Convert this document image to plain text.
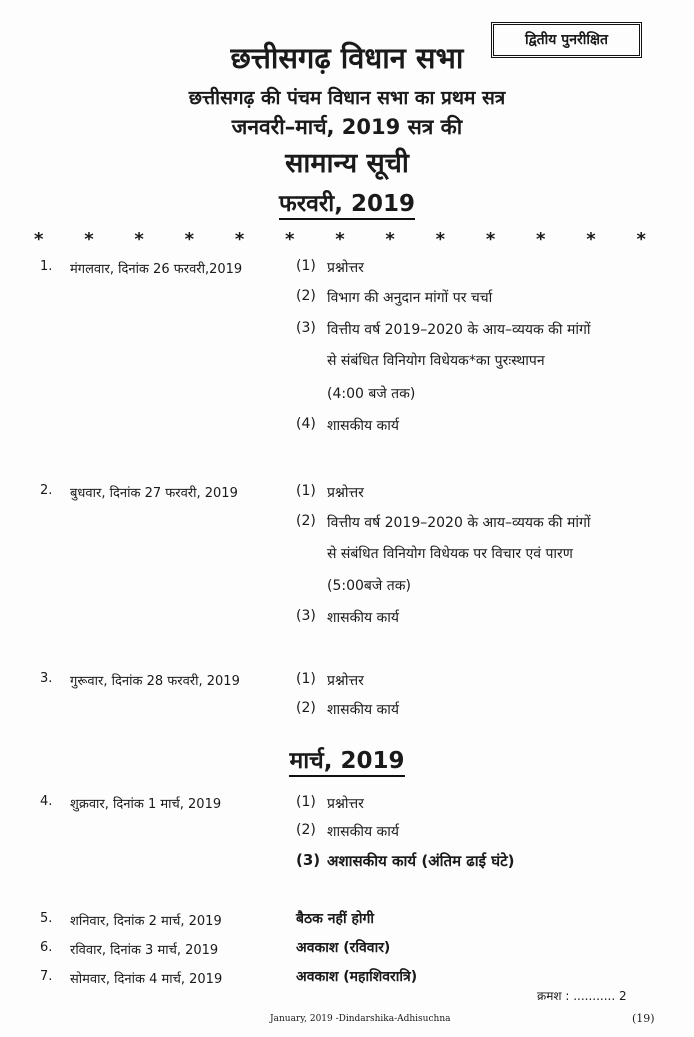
द्वितीय पुनरीक्षित
छत्तीसगढ़ विधान सभा
छत्तीसगढ़ की पंचम विधान सभा का प्रथम सत्र
जनवरी–मार्च, 2019 सत्र की
सामान्य सूची
फरवरी, 2019
* * * * * * * * * * * * *
1. मंगलवार, दिनांक 26 फरवरी,2019	(1) प्रश्नोत्तर
(2) विभाग की अनुदान मांगों पर चर्चा
(3) वित्तीय वर्ष 2019–2020 के आय–व्ययक की मांगों
से संबंधित विनियोग विधेयक*का पुरःस्थापन
(4:00 बजे तक)
(4) शासकीय कार्य
2. बुधवार, दिनांक 27 फरवरी, 2019	(1) प्रश्नोत्तर
(2) वित्तीय वर्ष 2019–2020 के आय–व्ययक की मांगों
से संबंधित विनियोग विधेयक पर विचार एवं पारण
(5:00बजे तक)
(3) शासकीय कार्य
3. गुरूवार, दिनांक 28 फरवरी, 2019	(1) प्रश्नोत्तर
(2) शासकीय कार्य
मार्च, 2019
4. शुक्रवार, दिनांक 1 मार्च, 2019	(1) प्रश्नोत्तर
(2) शासकीय कार्य
(3) अशासकीय कार्य (अंतिम ढाई घंटे)
5. शनिवार, दिनांक 2 मार्च, 2019	बैठक नहीं होगी
6. रविवार, दिनांक 3 मार्च, 2019	अवकाश (रविवार)
7. सोमवार, दिनांक 4 मार्च, 2019	अवकाश (महाशिवरात्रि)
क्रमश : ........... 2
January, 2019 -Dindarshika-Adhisuchna	(19)
